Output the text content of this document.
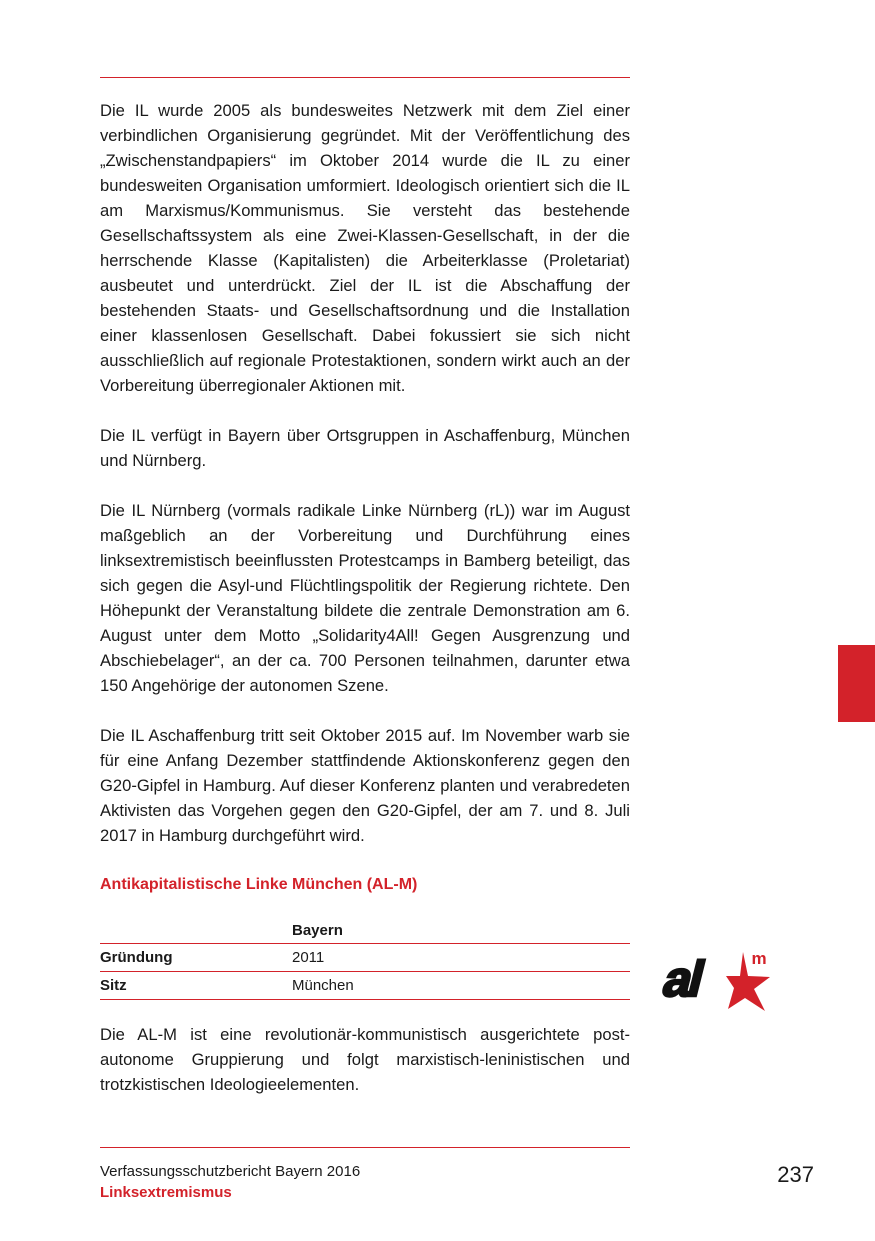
Die IL wurde 2005 als bundesweites Netzwerk mit dem Ziel einer verbindlichen Organisierung gegründet. Mit der Veröffentlichung des „Zwischenstandpapiers“ im Oktober 2014 wurde die IL zu einer bundesweiten Organisation umformiert. Ideologisch orientiert sich die IL am Marxismus/Kommunismus. Sie versteht das bestehende Gesellschaftssystem als eine Zwei-Klassen-Gesellschaft, in der die herrschende Klasse (Kapitalisten) die Arbeiterklasse (Proletariat) ausbeutet und unterdrückt. Ziel der IL ist die Abschaffung der bestehenden Staats- und Gesellschaftsordnung und die Installation einer klassenlosen Gesellschaft. Dabei fokussiert sie sich nicht ausschließlich auf regionale Protestaktionen, sondern wirkt auch an der Vorbereitung überregionaler Aktionen mit.

Die IL verfügt in Bayern über Ortsgruppen in Aschaffenburg, München und Nürnberg.

Die IL Nürnberg (vormals radikale Linke Nürnberg (rL)) war im August maßgeblich an der Vorbereitung und Durchführung eines linksextremistisch beeinflussten Protestcamps in Bamberg beteiligt, das sich gegen die Asyl-und Flüchtlingspolitik der Regierung richtete. Den Höhepunkt der Veranstaltung bildete die zentrale Demonstration am 6. August unter dem Motto „Solidarity4All! Gegen Ausgrenzung und Abschiebelager“, an der ca. 700 Personen teilnahmen, darunter etwa 150 Angehörige der autonomen Szene.

Die IL Aschaffenburg tritt seit Oktober 2015 auf. Im November warb sie für eine Anfang Dezember stattfindende Aktionskonferenz gegen den G20-Gipfel in Hamburg. Auf dieser Konferenz planten und verabredeten Aktivisten das Vorgehen gegen den G20-Gipfel, der am 7. und 8. Juli 2017 in Hamburg durchgeführt wird.

Antikapitalistische Linke München (AL-M)
	Bayern
Gründung	2011
Sitz	München	al	m

Die AL-M ist eine revolutionär-kommunistisch ausgerichtete post-autonome Gruppierung und folgt marxistisch-leninistischen und trotzkistischen Ideologieelementen.

Verfassungsschutzbericht Bayern 2016
Linksextremismus
237
